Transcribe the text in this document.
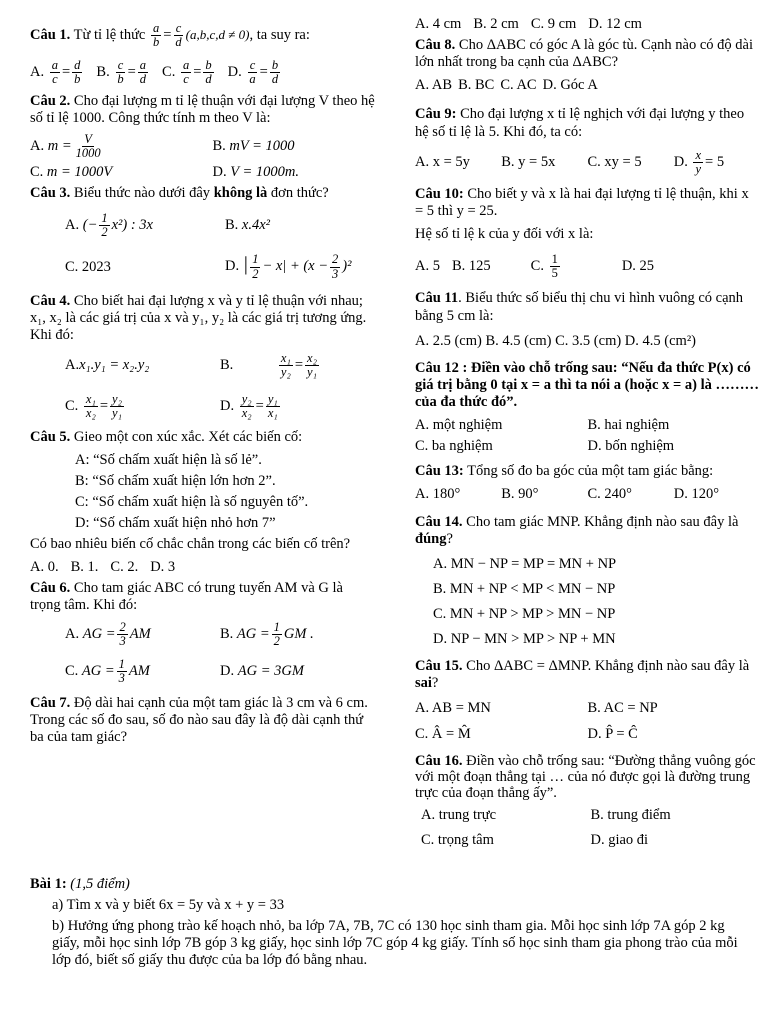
Câu 1. Từ tỉ lệ thức $\frac{a}{b} = \frac{c}{d} (a,b,c,d \ne 0)$, ta suy ra:
A. $\frac{a}{c} = \frac{d}{b} B$. $\frac{c}{b} = \frac{a}{d} C$. $\frac{a}{c} = \frac{b}{d} D$. $\frac{c}{a} = \frac{b}{d}$
Câu 2. Cho đại lượng m tỉ lệ thuận với đại lượng V theo hệ số tỉ lệ 1000. Công thức tính m theo V là:
A. $m = \frac{V}{1000}$	B. mV = 1000
C. m = 1000V	D. V = 1000m.
Câu 3. Biểu thức nào dưới đây không là đơn thức?
A. (− $\frac{1}{2} x^2$) : 3x	B. x.4x²
C. 2023	D. | $\frac{1}{2} - x| + (x - \frac{2}{3} )^2$
Câu 4. Cho biết hai đại lượng x và y tỉ lệ thuận với nhau; x₁, x₂ là các giá trị của x và y₁, y₂ là các giá trị tương ứng. Khi đó:
A.x₁.y₁ = x₂.y₂	B.	$\frac{\text{x₁}}{\text{y₂}} = \frac{\text{x₂}}{\text{y₁}}$
C. $\frac{\text{x₁}}{\text{x₂}} = \frac{\text{y₂}}{\text{y₁}}$	D. $\frac{\text{y₂}}{\text{x₂}} = \frac{\text{y₁}}{\text{x₁}}$
Câu 5. Gieo một con xúc xắc. Xét các biến cố:
A: “Số chấm xuất hiện là số lẻ”.
B: “Số chấm xuất hiện lớn hơn 2”.
C: “Số chấm xuất hiện là số nguyên tố”.
D: “Số chấm xuất hiện nhỏ hơn 7”
Có bao nhiêu biến cố chắc chắn trong các biến cố trên?
A. 0. B. 1. C. 2. D. 3
Câu 6. Cho tam giác ABC có trung tuyến AM và G là trọng tâm. Khi đó:
A. AG = $\frac{2}{3}$ AM	B. AG = $\frac{1}{2}$ GM .
C. AG = $\frac{1}{3}$ AM	D. AG = 3GM
Câu 7. Độ dài hai cạnh của một tam giác là 3 cm và 6 cm. Trong các số đo sau, số đo nào sau đây là độ dài cạnh thứ ba của tam giác?
A. 4 cm B. 2 cm C. 9 cm D. 12 cm
Câu 8. Cho ΔABC có góc A là góc tù. Cạnh nào có độ dài lớn nhất trong ba cạnh của ΔABC?
A. AB B. BC C. AC D. Góc A
Câu 9: Cho đại lượng x tỉ lệ nghịch với đại lượng y theo hệ số tỉ lệ là 5. Khi đó, ta có:
A. x = 5y	B. y = 5x	C. xy = 5	D. $\frac{x}{y} = 5$
Câu 10: Cho biết y và x là hai đại lượng tỉ lệ thuận, khi x = 5 thì y = 25.
Hệ số tỉ lệ k của y đối với x là:
A. 5 B. 125	C. $\frac{1}{5}$	D. 25
Câu 11. Biểu thức số biểu thị chu vi hình vuông có cạnh bằng 5 cm là:
A. 2.5 (cm) B. 4.5 (cm) C. 3.5 (cm) D. 4.5 (cm²)
Câu 12 : Điền vào chỗ trống sau: “Nếu đa thức P(x) có giá trị bằng 0 tại x = a thì ta nói a (hoặc x = a) là ……… của đa thức đó”.
A. một nghiệm	B. hai nghiệm
C. ba nghiệm	D. bốn nghiệm
Câu 13: Tổng số đo ba góc của một tam giác bằng:
A. 180°	B. 90°	C. 240°	D. 120°
Câu 14. Cho tam giác MNP. Khẳng định nào sau đây là đúng?
A. MN − NP = MP = MN + NP
B. MN + NP < MP < MN − NP
C. MN + NP > MP > MN − NP
D. NP − MN > MP > NP + MN
Câu 15. Cho ΔABC = ΔMNP. Khẳng định nào sau đây là sai?
A. AB = MN	B. AC = NP
C. Â = M̂	D. P̂ = Ĉ
Câu 16. Điền vào chỗ trống sau: “Đường thẳng vuông góc với một đoạn thẳng tại … của nó được gọi là đường trung trực của đoạn thẳng ấy”.
A. trung trực	B. trung điểm
C. trọng tâm	D. giao đi
Bài 1: (1,5 điểm)
a) Tìm x và y biết 6x = 5y và x + y = 33
b) Hưởng ứng phong trào kế hoạch nhỏ, ba lớp 7A, 7B, 7C có 130 học sinh tham gia. Mỗi học sinh lớp 7A góp 2 kg giấy, mỗi học sinh lớp 7B góp 3 kg giấy, học sinh lớp 7C góp 4 kg giấy. Tính số học sinh tham gia phong trào của mỗi lớp đó, biết số giấy thu được của ba lớp đó bằng nhau.
